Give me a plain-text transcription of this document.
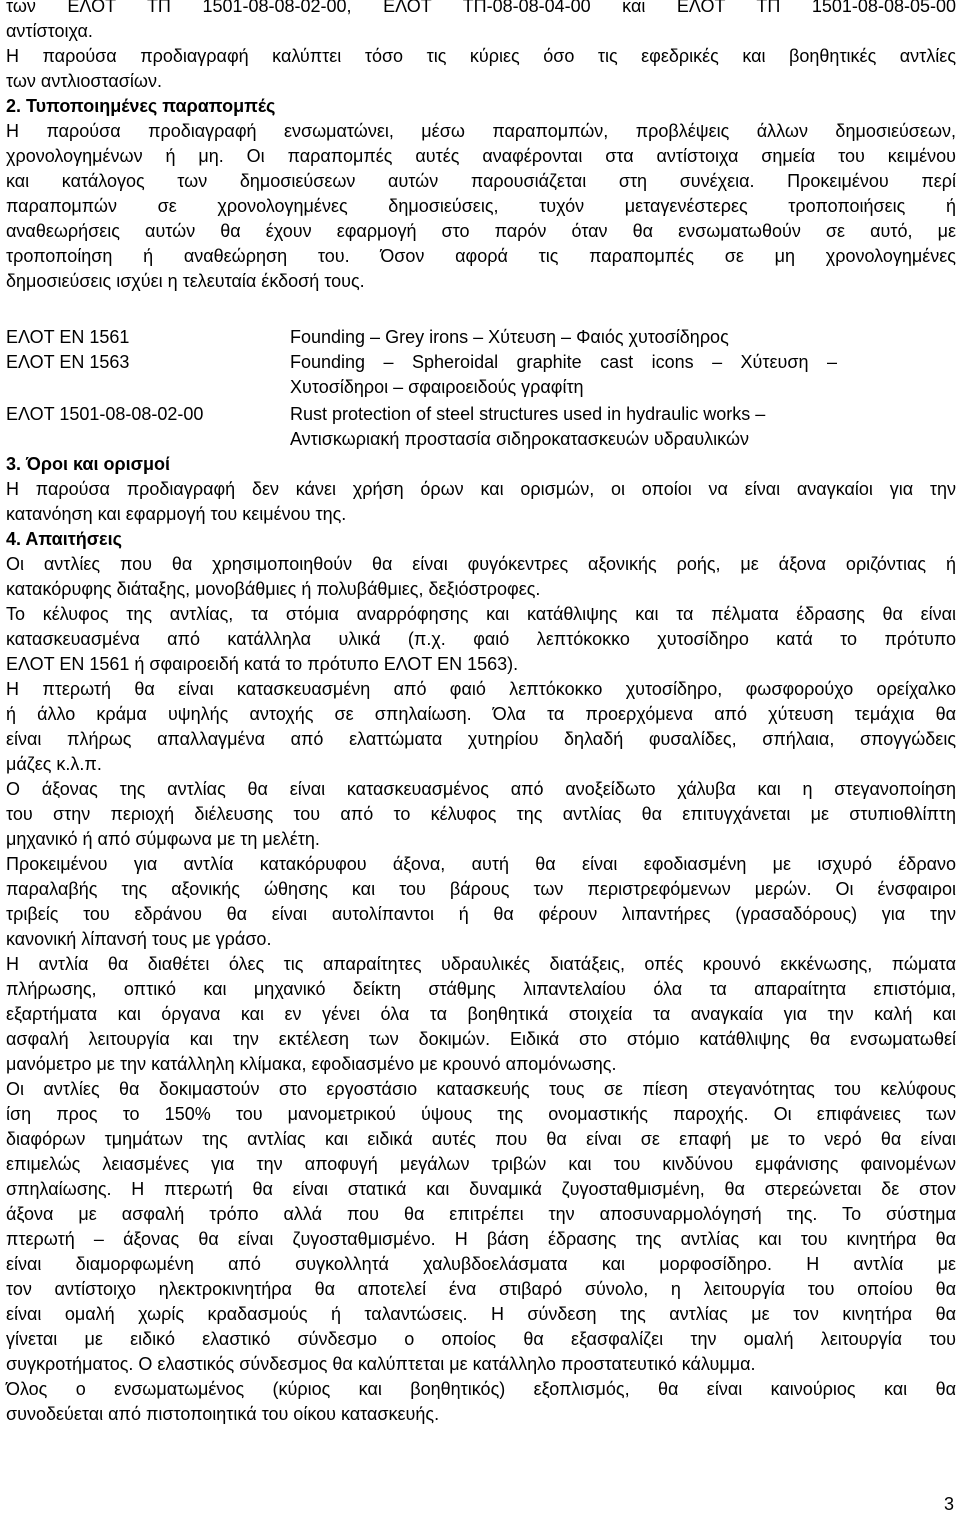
των ΕΛΟΤ ΤΠ 1501-08-08-02-00, ΕΛΟΤ ΤΠ-08-08-04-00 και ΕΛΟΤ ΤΠ 1501-08-08-05-00
αντίστοιχα.
Η παρούσα προδιαγραφή καλύπτει τόσο τις κύριες όσο τις εφεδρικές και βοηθητικές αντλίες
των αντλιοστασίων.
2. Τυποποιημένες παραπομπές
Η παρούσα προδιαγραφή ενσωματώνει, μέσω παραπομπών, προβλέψεις άλλων δημοσιεύσεων,
χρονολογημένων ή μη. Οι παραπομπές αυτές αναφέρονται στα αντίστοιχα σημεία του κειμένου
και κατάλογος των δημοσιεύσεων αυτών παρουσιάζεται στη συνέχεια. Προκειμένου περί
παραπομπών σε χρονολογημένες δημοσιεύσεις, τυχόν μεταγενέστερες τροποποιήσεις ή
αναθεωρήσεις αυτών θα έχουν εφαρμογή στο παρόν όταν θα ενσωματωθούν σε αυτό, με
τροποποίηση ή αναθεώρηση του. Όσον αφορά τις παραπομπές σε μη χρονολογημένες
δημοσιεύσεις ισχύει η τελευταία έκδοσή τους.
ΕΛΟΤ ΕΝ 1561	Founding – Grey irons – Χύτευση – Φαιός χυτοσίδηρος
ΕΛΟΤ ΕΝ 1563	Founding – Spheroidal graphite cast icons – Χύτευση –
Χυτοσίδηροι – σφαιροειδούς γραφίτη
ΕΛΟΤ 1501-08-08-02-00	Rust protection of steel structures used in hydraulic works –
Αντισκωριακή προστασία σιδηροκατασκευών υδραυλικών
3. Όροι και ορισμοί
Η παρούσα προδιαγραφή δεν κάνει χρήση όρων και ορισμών, οι οποίοι να είναι αναγκαίοι για την
κατανόηση και εφαρμογή του κειμένου της.
4. Απαιτήσεις
Οι αντλίες που θα χρησιμοποιηθούν θα είναι φυγόκεντρες αξονικής ροής, με άξονα οριζόντιας ή
κατακόρυφης διάταξης, μονοβάθμιες ή πολυβάθμιες, δεξιόστροφες.
Το κέλυφος της αντλίας, τα στόμια αναρρόφησης και κατάθλιψης και τα πέλματα έδρασης θα είναι
κατασκευασμένα από κατάλληλα υλικά (π.χ. φαιό λεπτόκοκκο χυτοσίδηρο κατά το πρότυπο
ΕΛΟΤ ΕΝ 1561 ή σφαιροειδή κατά το πρότυπο ΕΛΟΤ ΕΝ 1563).
Η πτερωτή θα είναι κατασκευασμένη από φαιό λεπτόκοκκο χυτοσίδηρο, φωσφορούχο ορείχαλκο
ή άλλο κράμα υψηλής αντοχής σε σπηλαίωση. Όλα τα προερχόμενα από χύτευση τεμάχια θα
είναι πλήρως απαλλαγμένα από ελαττώματα χυτηρίου δηλαδή φυσαλίδες, σπήλαια, σπογγώδεις
μάζες κ.λ.π.
Ο άξονας της αντλίας θα είναι κατασκευασμένος από ανοξείδωτο χάλυβα και η στεγανοποίηση
του στην περιοχή διέλευσης του από το κέλυφος της αντλίας θα επιτυγχάνεται με στυπιοθλίπτη
μηχανικό ή από σύμφωνα με τη μελέτη.
Προκειμένου για αντλία κατακόρυφου άξονα, αυτή θα είναι εφοδιασμένη με ισχυρό έδρανο
παραλαβής της αξονικής ώθησης και του βάρους των περιστρεφόμενων μερών. Οι ένσφαιροι
τριβείς του εδράνου θα είναι αυτολίπαντοι ή θα φέρουν λιπαντήρες (γρασαδόρους) για την
κανονική λίπανσή τους με γράσο.
Η αντλία θα διαθέτει όλες τις απαραίτητες υδραυλικές διατάξεις, οπές κρουνό εκκένωσης, πώματα
πλήρωσης, οπτικό και μηχανικό δείκτη στάθμης λιπαντελαίου όλα τα απαραίτητα επιστόμια,
εξαρτήματα και όργανα και εν γένει όλα τα βοηθητικά στοιχεία τα αναγκαία για την καλή και
ασφαλή λειτουργία και την εκτέλεση των δοκιμών. Ειδικά στο στόμιο κατάθλιψης θα ενσωματωθεί
μανόμετρο με την κατάλληλη κλίμακα, εφοδιασμένο με κρουνό απομόνωσης.
Οι αντλίες θα δοκιμαστούν στο εργοστάσιο κατασκευής τους σε πίεση στεγανότητας του κελύφους
ίση προς το 150% του μανομετρικού ύψους της ονομαστικής παροχής. Οι επιφάνειες των
διαφόρων τμημάτων της αντλίας και ειδικά αυτές που θα είναι σε επαφή με το νερό θα είναι
επιμελώς λειασμένες για την αποφυγή μεγάλων τριβών και του κινδύνου εμφάνισης φαινομένων
σπηλαίωσης. Η πτερωτή θα είναι στατικά και δυναμικά ζυγοσταθμισμένη, θα στερεώνεται δε στον
άξονα με ασφαλή τρόπο αλλά που θα επιτρέπει την αποσυναρμολόγησή της. Το σύστημα
πτερωτή – άξονας θα είναι ζυγοσταθμισμένο. Η βάση έδρασης της αντλίας και του κινητήρα θα
είναι διαμορφωμένη από συγκολλητά χαλυβδοελάσματα και μορφοσίδηρο. Η αντλία με
τον αντίστοιχο ηλεκτροκινητήρα θα αποτελεί ένα στιβαρό σύνολο, η λειτουργία του οποίου θα
είναι ομαλή χωρίς κραδασμούς ή ταλαντώσεις. Η σύνδεση της αντλίας με τον κινητήρα θα
γίνεται με ειδικό ελαστικό σύνδεσμο ο οποίος θα εξασφαλίζει την ομαλή λειτουργία του
συγκροτήματος. Ο ελαστικός σύνδεσμος θα καλύπτεται με κατάλληλο προστατευτικό κάλυμμα.
Όλος ο ενσωματωμένος (κύριος και βοηθητικός) εξοπλισμός, θα είναι καινούριος και θα
συνοδεύεται από πιστοποιητικά του οίκου κατασκευής.
3
